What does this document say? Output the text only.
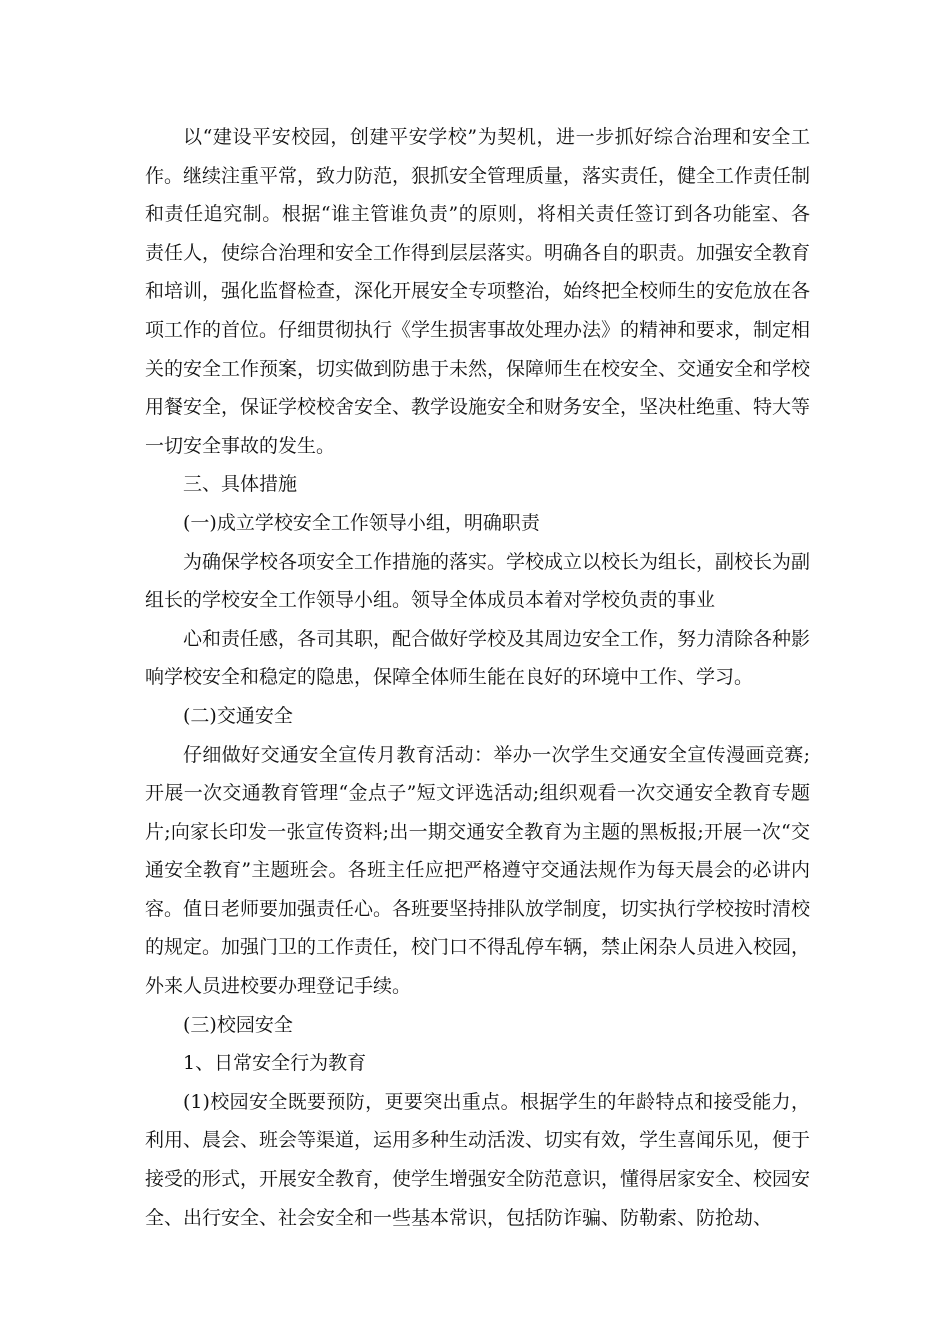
以“建设平安校园，创建平安学校”为契机，进一步抓好综合治理和安全工作。继续注重平常，致力防范，狠抓安全管理质量，落实责任，健全工作责任制和责任追究制。根据“谁主管谁负责”的原则，将相关责任签订到各功能室、各责任人，使综合治理和安全工作得到层层落实。明确各自的职责。加强安全教育和培训，强化监督检查，深化开展安全专项整治，始终把全校师生的安危放在各项工作的首位。仔细贯彻执行《学生损害事故处理办法》的精神和要求，制定相关的安全工作预案，切实做到防患于未然，保障师生在校安全、交通安全和学校用餐安全，保证学校校舍安全、教学设施安全和财务安全，坚决杜绝重、特大等一切安全事故的发生。

三、具体措施

(一)成立学校安全工作领导小组，明确职责

为确保学校各项安全工作措施的落实。学校成立以校长为组长，副校长为副组长的学校安全工作领导小组。领导全体成员本着对学校负责的事业

心和责任感，各司其职，配合做好学校及其周边安全工作，努力清除各种影响学校安全和稳定的隐患，保障全体师生能在良好的环境中工作、学习。

(二)交通安全

仔细做好交通安全宣传月教育活动：举办一次学生交通安全宣传漫画竞赛;开展一次交通教育管理“金点子”短文评选活动;组织观看一次交通安全教育专题片;向家长印发一张宣传资料;出一期交通安全教育为主题的黑板报;开展一次“交通安全教育”主题班会。各班主任应把严格遵守交通法规作为每天晨会的必讲内容。值日老师要加强责任心。各班要坚持排队放学制度，切实执行学校按时清校的规定。加强门卫的工作责任，校门口不得乱停车辆，禁止闲杂人员进入校园，外来人员进校要办理登记手续。

(三)校园安全

1、日常安全行为教育

(1)校园安全既要预防，更要突出重点。根据学生的年龄特点和接受能力，利用、晨会、班会等渠道，运用多种生动活泼、切实有效，学生喜闻乐见，便于接受的形式，开展安全教育，使学生增强安全防范意识，懂得居家安全、校园安全、出行安全、社会安全和一些基本常识，包括防诈骗、防勒索、防抢劫、
